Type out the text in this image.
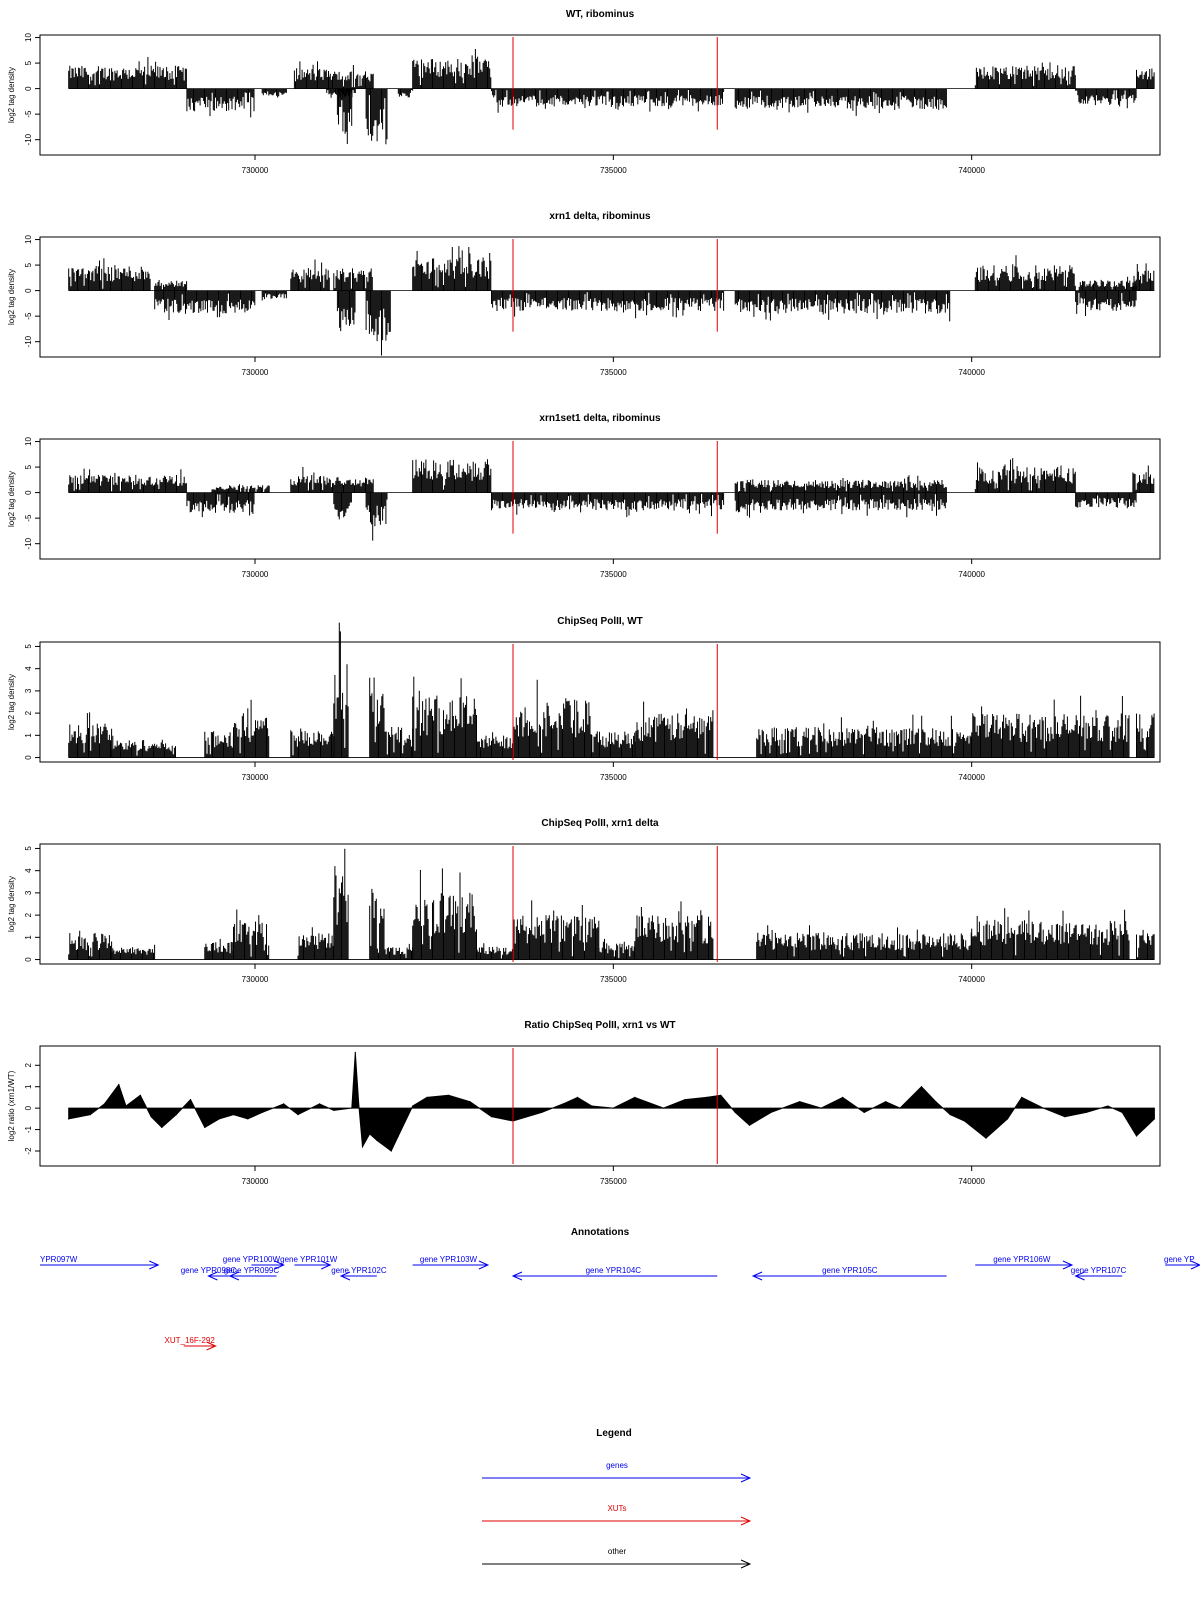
WT, ribominus
10
5
0
-5
-10
log2 tag density
730000	735000	740000
xrn1 delta, ribominus
10
5
0
-5
-10
log2 tag density
730000	735000	740000
xrn1set1 delta, ribominus
10
5
0
-5
-10
log2 tag density
730000	735000	740000
ChipSeq PolII, WT
5
4
3
2
1
0
log2 tag density
730000	735000	740000
ChipSeq PolII, xrn1 delta
5
4
3
2
1
0
log2 tag density
730000	735000	740000
Ratio ChipSeq PolII, xrn1 vs WT
2
1
0
-1
-2
log2 ratio (xrn1/WT)
730000	735000	740000
Annotations
YPR097W
gene YPR098C
gene YPR099C
gene YPR100W gene YPR101W
gene YPR102C
gene YPR103W
gene YPR104C	gene YPR105C
gene YPR106W
gene YPR107C
gene YP
XUT_16F-292
Legend
genes
XUTs
other
